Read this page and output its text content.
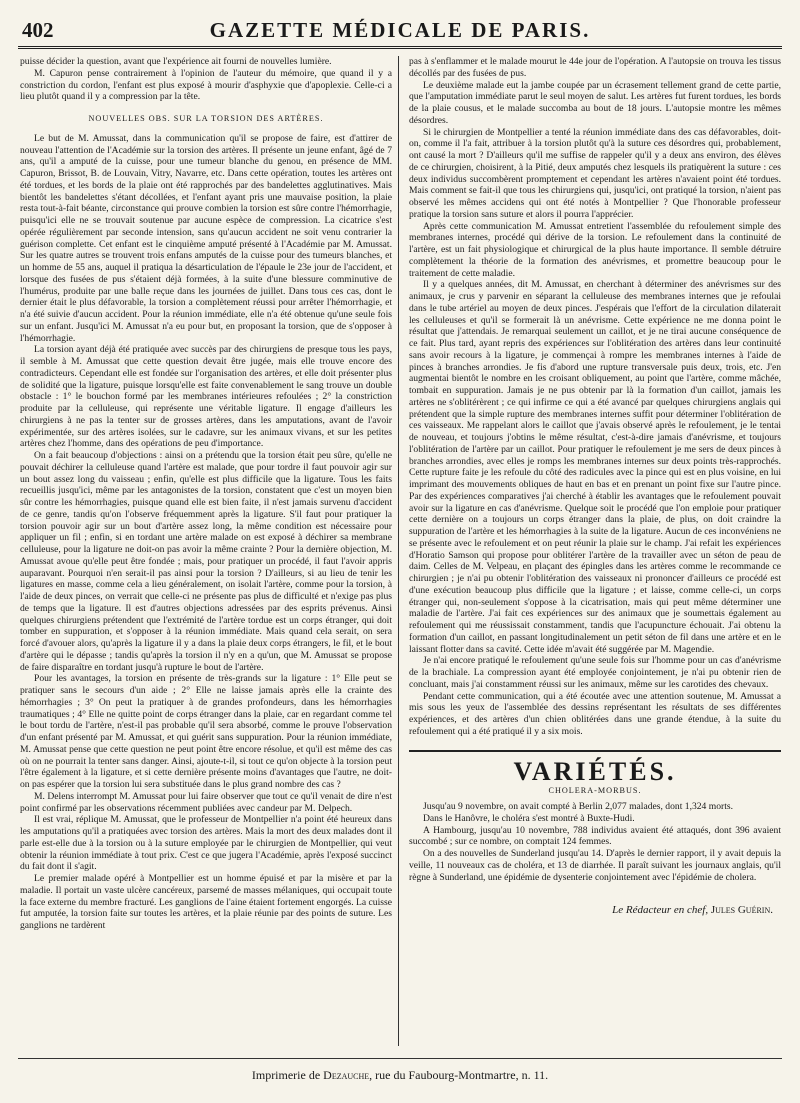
402	GAZETTE MÉDICALE DE PARIS.

puisse décider la question, avant que l'expérience ait fourni de nouvelles lumière.

M. Capuron pense contrairement à l'opinion de l'auteur du mémoire, que quand il y a constriction du cordon, l'enfant est plus exposé à mourir d'asphyxie que d'apoplexie. Celle-ci a lieu plutôt quand il y a compression par la tête.

NOUVELLES OBS. SUR LA TORSION DES ARTÈRES.

Le but de M. Amussat, dans la communication qu'il se propose de faire, est d'attirer de nouveau l'attention de l'Académie sur la torsion des artères. Il présente un jeune enfant, âgé de 7 ans, qu'il a amputé de la cuisse, pour une tumeur blanche du genou, en présence de MM. Capuron, Brissot, B. de Louvain, Vitry, Navarre, etc. Dans cette opération, toutes les artères ont été tordues, et les bords de la plaie ont été rapprochés par des bandelettes agglutinatives. Mais bientôt les bandelettes s'étant décollées, et l'enfant ayant pris une mauvaise position, la plaie resta tout-à-fait béante, circonstance qui prouve combien la torsion est sûre contre l'hémorrhagie, puisqu'ici elle ne se trouvait soutenue par aucune espèce de compression. La cicatrice s'est opérée régulièrement par seconde intension, sans qu'aucun accident ne soit venu contrarier la guérison complette. Cet enfant est le cinquième amputé présenté à l'Académie par M. Amussat. Sur les quatre autres se trouvent trois enfans amputés de la cuisse pour des tumeurs blanches, et un homme de 55 ans, auquel il pratiqua la désarticulation de l'épaule le 23e jour de l'accident, et lorsque des fusées de pus s'étaient déjà formées, à la suite d'une blessure comminutive de l'humérus, produite par une balle reçue dans les journées de juillet. Dans tous ces cas, dont le dernier était le plus défavorable, la torsion a complètement réussi pour arrêter l'hémorrhagie, et n'a été suivie d'aucun accident. Pour la réunion immédiate, elle n'a été obtenue qu'une seule fois sur un enfant. Jusqu'ici M. Amussat n'a eu pour but, en proposant la torsion, que de s'opposer à l'hémorrhagie.

La torsion ayant déjà été pratiquée avec succès par des chirurgiens de presque tous les pays, il semble à M. Amussat que cette question devait être jugée, mais elle trouve encore des contradicteurs. Cependant elle est fondée sur l'organisation des artères, et elle doit présenter plus de solidité que la ligature, puisque lorsqu'elle est faite convenablement le sang trouve un double obstacle : 1° le bouchon formé par les membranes intérieures refoulées ; 2° la constriction produite par la celluleuse, qui représente une véritable ligature. Il engage d'ailleurs les chirurgiens à ne pas la tenter sur de grosses artères, dans les amputations, avant de l'avoir expérimentée, sur des artères isolées, sur le cadavre, sur les animaux vivans, et sur les petites artères chez l'homme, dans des opérations de peu d'importance.

On a fait beaucoup d'objections : ainsi on a prétendu que la torsion était peu sûre, qu'elle ne pouvait déchirer la celluleuse quand l'artère est malade, que pour tordre il faut pouvoir agir sur un bout assez long du vaisseau ; enfin, qu'elle est plus difficile que la ligature. Tous les faits recueillis jusqu'ici, même par les antagonistes de la torsion, constatent que c'est un moyen bien sûr contre les hémorrhagies, puisque quand elle est bien faite, il n'est jamais survenu d'accident de ce genre, tandis qu'on l'observe fréquemment après la ligature. S'il faut pour pratiquer la torsion pouvoir agir sur un bout d'artère assez long, la même condition est nécessaire pour appliquer un fil ; enfin, si en tordant une artère malade on est exposé à déchirer sa membrane celluleuse, pour la ligature ne doit-on pas avoir la même crainte ? Pour la dernière objection, M. Amussat avoue qu'elle peut être fondée ; mais, pour pratiquer un procédé, il faut l'avoir appris auparavant. Pourquoi n'en serait-il pas ainsi pour la torsion ? D'ailleurs, si au lieu de tenir les ligatures en masse, comme cela a lieu généralement, on isolait l'artère, comme pour la torsion, à l'aide de deux pinces, on verrait que celle-ci ne présente pas plus de difficulté et n'exige pas plus de temps que la ligature. Il est d'autres objections adressées par des esprits prévenus. Ainsi quelques chirurgiens prétendent que l'extrémité de l'artère tordue est un corps étranger, qui doit tomber en suppuration, et s'opposer à la réunion immédiate. Mais quand cela serait, on sera forcé d'avouer alors, qu'après la ligature il y a dans la plaie deux corps étrangers, le fil, et le bout d'artère qui le dépasse ; tandis qu'après la torsion il n'y en a qu'un, que M. Amussat se propose de faire disparaître en tordant jusqu'à rupture le bout de l'artère.

Pour les avantages, la torsion en présente de très-grands sur la ligature : 1° Elle peut se pratiquer sans le secours d'un aide ; 2° Elle ne laisse jamais après elle la crainte des hémorrhagies ; 3° On peut la pratiquer à de grandes profondeurs, dans les hémorrhagies traumatiques ; 4° Elle ne quitte point de corps étranger dans la plaie, car en regardant comme tel le bout tordu de l'artère, n'est-il pas probable qu'il sera absorbé, comme le prouve l'observation d'un enfant présenté par M. Amussat, et qui guérit sans suppuration. Pour la réunion immédiate, M. Amussat pense que cette question ne peut point être encore résolue, et qu'il est même des cas où on ne pourrait la tenter sans danger. Ainsi, ajoute-t-il, si tout ce qu'on objecte à la torsion peut l'être également à la ligature, et si cette dernière présente moins d'avantages que l'autre, ne doit-on pas espérer que la torsion lui sera substituée dans le plus grand nombre des cas ?

M. Delens interrompt M. Amussat pour lui faire observer que tout ce qu'il venait de dire n'est point confirmé par les observations récemment publiées avec candeur par M. Delpech.

Il est vrai, réplique M. Amussat, que le professeur de Montpellier n'a point été heureux dans les amputations qu'il a pratiquées avec torsion des artères. Mais la mort des deux malades dont il parle est-elle due à la torsion ou à la suture employée par le chirurgien de Montpellier, qui veut obtenir la réunion immédiate à tout prix. C'est ce que jugera l'Académie, après l'exposé succinct du fait dont il s'agit.

Le premier malade opéré à Montpellier est un homme épuisé et par la misère et par la maladie. Il portait un vaste ulcère cancéreux, parsemé de masses mélaniques, qui occupait toute la face externe du membre fracturé. Les ganglions de l'aine étaient fortement engorgés. La cuisse fut amputée, la torsion faite sur toutes les artères, et la plaie réunie par des points de suture. Les ganglions ne tardèrent

pas à s'enflammer et le malade mourut le 44e jour de l'opération. A l'autopsie on trouva les tissus décollés par des fusées de pus.

Le deuxième malade eut la jambe coupée par un écrasement tellement grand de cette partie, que l'amputation immédiate parut le seul moyen de salut. Les artères fut furent tordues, les bords de la plaie cousus, et le malade succomba au bout de 18 jours. L'autopsie montre les mêmes désordres.

Si le chirurgien de Montpellier a tenté la réunion immédiate dans des cas défavorables, doit-on, comme il l'a fait, attribuer à la torsion plutôt qu'à la suture ces désordres qui, probablement, ont causé la mort ? D'ailleurs qu'il me suffise de rappeler qu'il y a deux ans environ, des élèves de ce chirurgien, choisirent, à la Pitié, deux amputés chez lesquels ils pratiquèrent la suture : ces deux individus succombèrent promptement et cependant les artères n'avaient point été tordues. Mais comment se fait-il que tous les chirurgiens qui, jusqu'ici, ont pratiqué la torsion, n'aient pas observé les mêmes accidens qui ont été notés à Montpellier ? Que l'honorable professeur pratique la torsion sans suture et alors il pourra l'apprécier.

Après cette communication M. Amussat entretient l'assemblée du refoulement simple des membranes internes, procédé qui dérive de la torsion. Le refoulement dans la continuité de l'artère, est un fait physiologique et chirurgical de la plus haute importance. Il semble détruire complètement la théorie de la formation des anévrismes, et promettre beaucoup pour le traitement de cette maladie.

Il y a quelques années, dit M. Amussat, en cherchant à déterminer des anévrismes sur des animaux, je crus y parvenir en séparant la celluleuse des membranes internes que je refoulai dans le tube artériel au moyen de deux pinces. J'espérais que l'effort de la circulation dilaterait les celluleuses et qu'il se formerait là un anévrisme. Cette expérience ne me donna point le résultat que j'attendais. Je remarquai seulement un caillot, et je ne tirai aucune conséquence de ce fait. Plus tard, ayant repris des expériences sur l'oblitération des artères dans leur continuité sans avoir recours à la ligature, je commençai à rompre les membranes internes à l'aide de pinces à branches arrondies. Je fis d'abord une rupture transversale puis deux, trois, etc. J'en augmentai bientôt le nombre en les croisant obliquement, au point que l'artère, comme mâchée, tombait en suppuration. Jamais je ne pus obtenir par là la formation d'un caillot, jamais les artères ne s'oblitérèrent ; ce qui infirme ce qui a été avancé par quelques chirurgiens anglais qui prétendent que la simple rupture des membranes internes suffit pour déterminer l'oblitération de ces vaisseaux. Me rappelant alors le caillot que j'avais observé après le refoulement, je le tentai de nouveau, et toujours j'obtins le même résultat, c'est-à-dire jamais d'anévrisme, et toujours l'oblitération de l'artère par un caillot. Pour pratiquer le refoulement je me sers de deux pinces à branches arrondies, avec elles je romps les membranes internes sur deux points très-rapprochés. Cette rupture faite je les refoule du côté des radicules avec la pince qui est en plus voisine, en lui imprimant des mouvements obliques de haut en bas et en prenant un point fixe sur l'autre pince. Par des expériences comparatives j'ai cherché à établir les avantages que le refoulement pouvait avoir sur la ligature en cas d'anévrisme. Quelque soit le procédé que l'on emploie pour pratiquer cette dernière on a toujours un corps étranger dans la plaie, de plus, on doit craindre la suppuration de l'artère et les hémorrhagies à la suite de la ligature. Aucun de ces inconvéniens ne se présente avec le refoulement et on peut réunir la plaie sur le champ. J'ai refait les expériences d'Horatio Samson qui propose pour oblitérer l'artère de la travailler avec un séton de peau de daim. Celles de M. Velpeau, en plaçant des épingles dans les artères comme le recommande ce chirurgien ; je n'ai pu obtenir l'oblitération des vaisseaux ni prononcer d'ailleurs ce procédé est d'une exécution beaucoup plus difficile que la ligature ; et laisse, comme celle-ci, un corps étranger qui, non-seulement s'oppose à la cicatrisation, mais qui peut même déterminer une maladie de l'artère. J'ai fait ces expériences sur des animaux que je soumettais également au refoulement qui me réussissait constamment, tandis que l'acupuncture échouait. J'ai obtenu la formation d'un caillot, en passant longitudinalement un petit séton de fil dans une artère et en le laissant flotter dans sa cavité. Cette idée m'avait été suggérée par M. Magendie.

Je n'ai encore pratiqué le refoulement qu'une seule fois sur l'homme pour un cas d'anévrisme de la brachiale. La compression ayant été employée conjointement, je n'ai pu obtenir rien de concluant, mais j'ai constamment réussi sur les animaux, même sur les carotides des chevaux.

Pendant cette communication, qui a été écoutée avec une attention soutenue, M. Amussat a mis sous les yeux de l'assemblée des dessins représentant les résultats de ses différentes expériences, et des artères d'un chien oblitérées dans une grande étendue, à la suite du refoulement qui a été pratiqué il y a six mois.

VARIÉTÉS.
CHOLERA-MORBUS.

Jusqu'au 9 novembre, on avait compté à Berlin 2,077 malades, dont 1,324 morts.

Dans le Hanôvre, le choléra s'est montré à Buxte-Hudi.

A Hambourg, jusqu'au 10 novembre, 788 individus avaient été attaqués, dont 396 avaient succombé ; sur ce nombre, on comptait 124 femmes.

On a des nouvelles de Sunderland jusqu'au 14. D'après le dernier rapport, il y avait depuis la veille, 11 nouveaux cas de choléra, et 13 de diarrhée. Il paraît suivant les journaux anglais, qu'il règne à Sunderland, une épidémie de dysenterie conjointement avec l'épidémie de cholera.

Le Rédacteur en chef, Jules Guérin.
Imprimerie de Dezauche, rue du Faubourg-Montmartre, n. 11.
